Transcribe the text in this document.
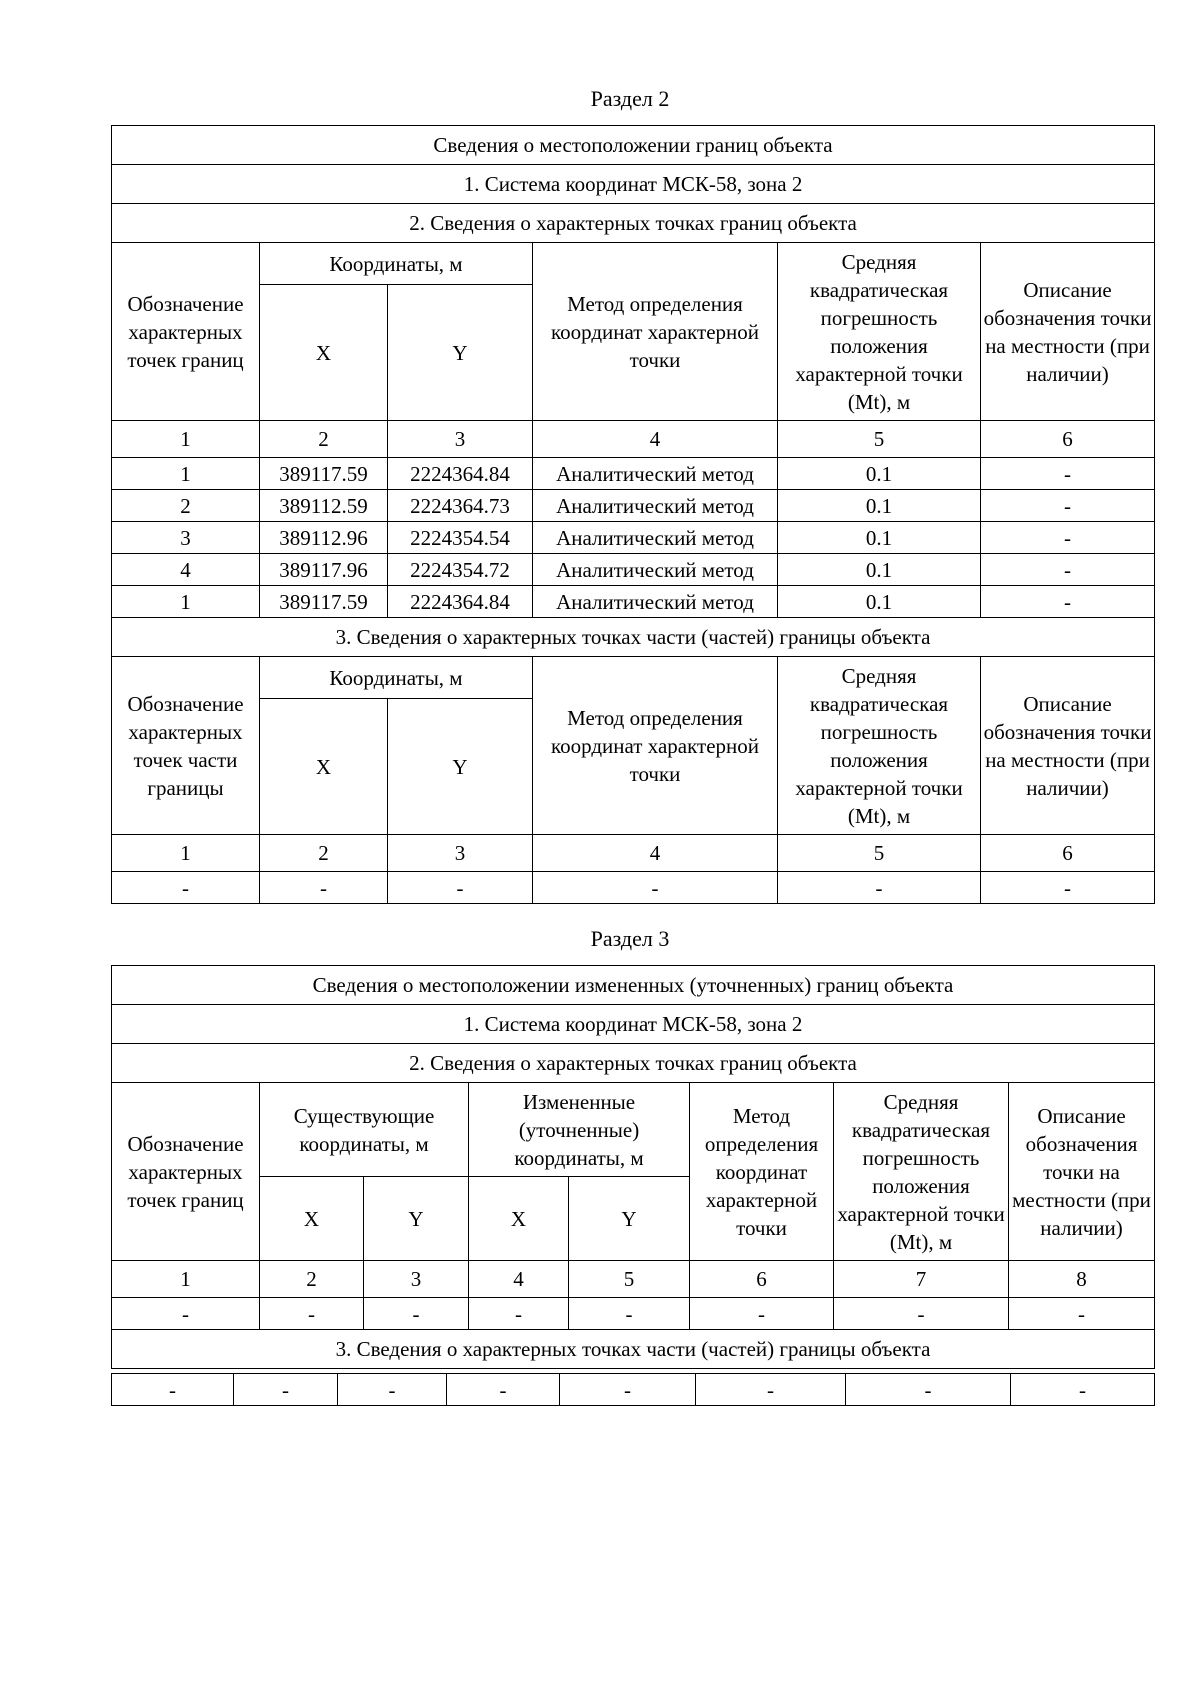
Раздел 2
Сведения о местоположении границ объекта					
1. Система координат МСК-58, зона 2					
2. Сведения о характерных точках границ объекта					
Обозначение характерных точек границ	Координаты, м		Метод определения координат характерной точки	Средняя квадратическая погрешность положения характерной точки (Mt), м	Описание обозначения точки на местности (при наличии)
	X	Y			
1	2	3	4	5	6
1	389117.59	2224364.84	Аналитический метод	0.1	-
2	389112.59	2224364.73	Аналитический метод	0.1	-
3	389112.96	2224354.54	Аналитический метод	0.1	-
4	389117.96	2224354.72	Аналитический метод	0.1	-
1	389117.59	2224364.84	Аналитический метод	0.1	-
3. Сведения о характерных точках части (частей) границы объекта					
Обозначение характерных точек части границы	Координаты, м		Метод определения координат характерной точки	Средняя квадратическая погрешность положения характерной точки (Mt), м	Описание обозначения точки на местности (при наличии)
	X	Y			
1	2	3	4	5	6
-	-	-	-	-	-
Раздел 3
Сведения о местоположении измененных (уточненных) границ объекта							
1. Система координат МСК-58, зона 2							
2. Сведения о характерных точках границ объекта							
Обозначение характерных точек границ	Существующие координаты, м		Измененные (уточненные) координаты, м		Метод определения координат характерной точки	Средняя квадратическая погрешность положения характерной точки (Mt), м	Описание обозначения точки на местности (при наличии)
	X	Y	X	Y			
1	2	3	4	5	6	7	8
-	-	-	-	-	-	-	-
3. Сведения о характерных точках части (частей) границы объекта							
-	-	-	-	-	-	-	-
